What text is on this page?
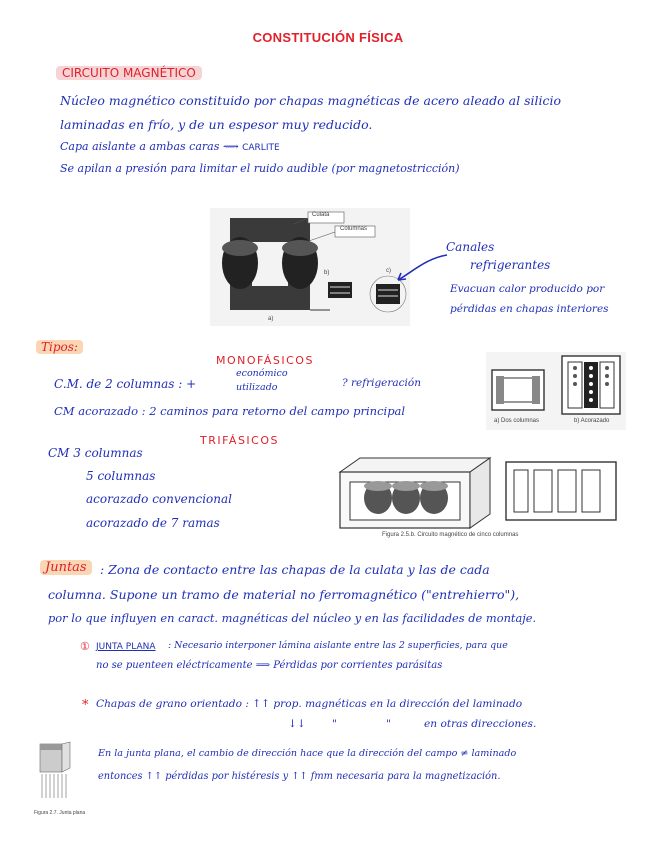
CONSTITUCIÓN FÍSICA
CIRCUITO MAGNÉTICO
Núcleo magnético constituido por chapas magnéticas de acero aleado al silicio
laminadas en frío, y de un espesor muy reducido.
Capa aislante a ambas caras ⟿ CARLITE
Se apilan a presión para limitar el ruido audible (por magnetostricción)
Culata
Columnas
b)	c)
a)
Canales
refrigerantes
Evacuan calor producido por
pérdidas en chapas interiores
Tipos:
MONOFÁSICOS
C.M. de 2 columnas : +
económico
utilizado	? refrigeración
CM acorazado : 2 caminos para retorno del campo principal
a) Dos columnas	b) Acorazado
TRIFÁSICOS
CM 3 columnas
5 columnas
acorazado convencional
acorazado de 7 ramas
Figura 2.5.b. Circuito magnético de cinco columnas
Juntas	: Zona de contacto entre las chapas de la culata y las de cada
columna. Supone un tramo de material no ferromagnético ("entrehierro"),
por lo que influyen en caract. magnéticas del núcleo y en las facilidades de montaje.
① JUNTA PLANA : Necesario interponer lámina aislante entre las 2 superficies, para que
no se puenteen eléctricamente ⟹ Pérdidas por corrientes parásitas
* Chapas de grano orientado : ↑↑ prop. magnéticas en la dirección del laminado
↓↓ "	"	en otras direcciones.
Figura 2.7. Junta plana
En la junta plana, el cambio de dirección hace que la dirección del campo ≠ laminado
entonces ↑↑ pérdidas por histéresis y ↑↑ fmm necesaria para la magnetización.
